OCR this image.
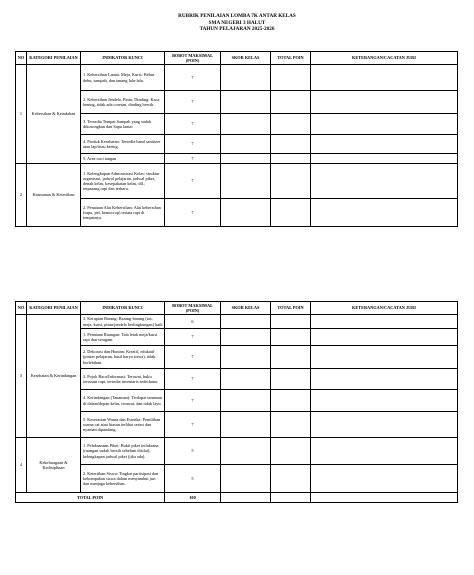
RUBRIK PENILAIAN LOMBA 7K ANTAR KELAS
SMA NEGERI 3 HALUT
TAHUN PELAJARAN 2025-2026
NO	KATEGORI PENILAIAN	INDIKATOR KUNCI	BOBOT MAKSIMAL (POIN)	SKOR KELAS	TOTAL POIN	KETERANGAN/CACATAN JURI
1	Kebersihan & Keindahan	1. Kebersihan Lantai, Meja, Kursi: Bebas debu, sampah, dan tanang lalu-lalu.	7			
		2. Kebersihan Jendela, Pintu, Dinding: Kaca bening, tidak ada coretan, dinding bersih.	7			
		3. Tersedia Tempat Sampah yang sudah dikosongkan dan Sapu lantai	7			
		4. Produk Kesehatan: Tersedia hand sanitizer atau lap/tissu kering.	7			
		5. Area cuci tangan	7			
2	Keamanan & Ketertiban	1. Kelengkapan Administrasi Kelas: struktur organisasi, jadwal pelajaran, jadwal piket, denah kelas, kesepakatan kelas, dll., terpasang rapi dan terbaru.	7			
		2. Penataan Alat Kebersihan: Alat kebersihan (sapu, pel, bemocrop) tertata rapi di tempatnya.	7			
NO	KATEGORI PENILAIAN	INDIKATOR KUNCI	BOBOT MAKSIMAL (POIN)	SKOR KELAS	TOTAL POIN	KETERANGAN/CACATAN JURI
3	Kesehatan & Kerindangan	3. Kerapian Barang: Barang-barang (tas, meja, kursi, pintu/jendela berlingkungan) baik	6			
		1. Penataan Ruangan: Tata letak meja/kursi rapi dan seragam.	7			
		2. Dekorasi dan Hunian: Kreatif, edukatif (poster pelajaran, hasil karya siswa), tidak berlebihan.	7			
		3. Pojok Baca/Informasi: Terawat, buku tersusun rapi, tersedia inventaris sederhana.	7			
		4. Kerindangan (Tanaman): Terdapat tanaman di dalam/depan kelas, terawat, dan tidak layu.	7			
		5. Keserasian Warna dan Estetika: Pemilihan warna cat atau hiasan terlihat serasi dan nyaman dipandang.	7			
4	Kekeluargaan & Kedisiplinan	1. Pelaksanaan Piket: Bukti piket terlaksana (ruangan sudah bersih sebelum disilai), kelengkapan jadwal piket (jika ada).	5			
		2. Ketertiban Siswa: Tingkat partisipasi dan kekompakan siswa dalam menyambut juri dan menjaga kebersihan.	5			
TOTAL POIN			100			
